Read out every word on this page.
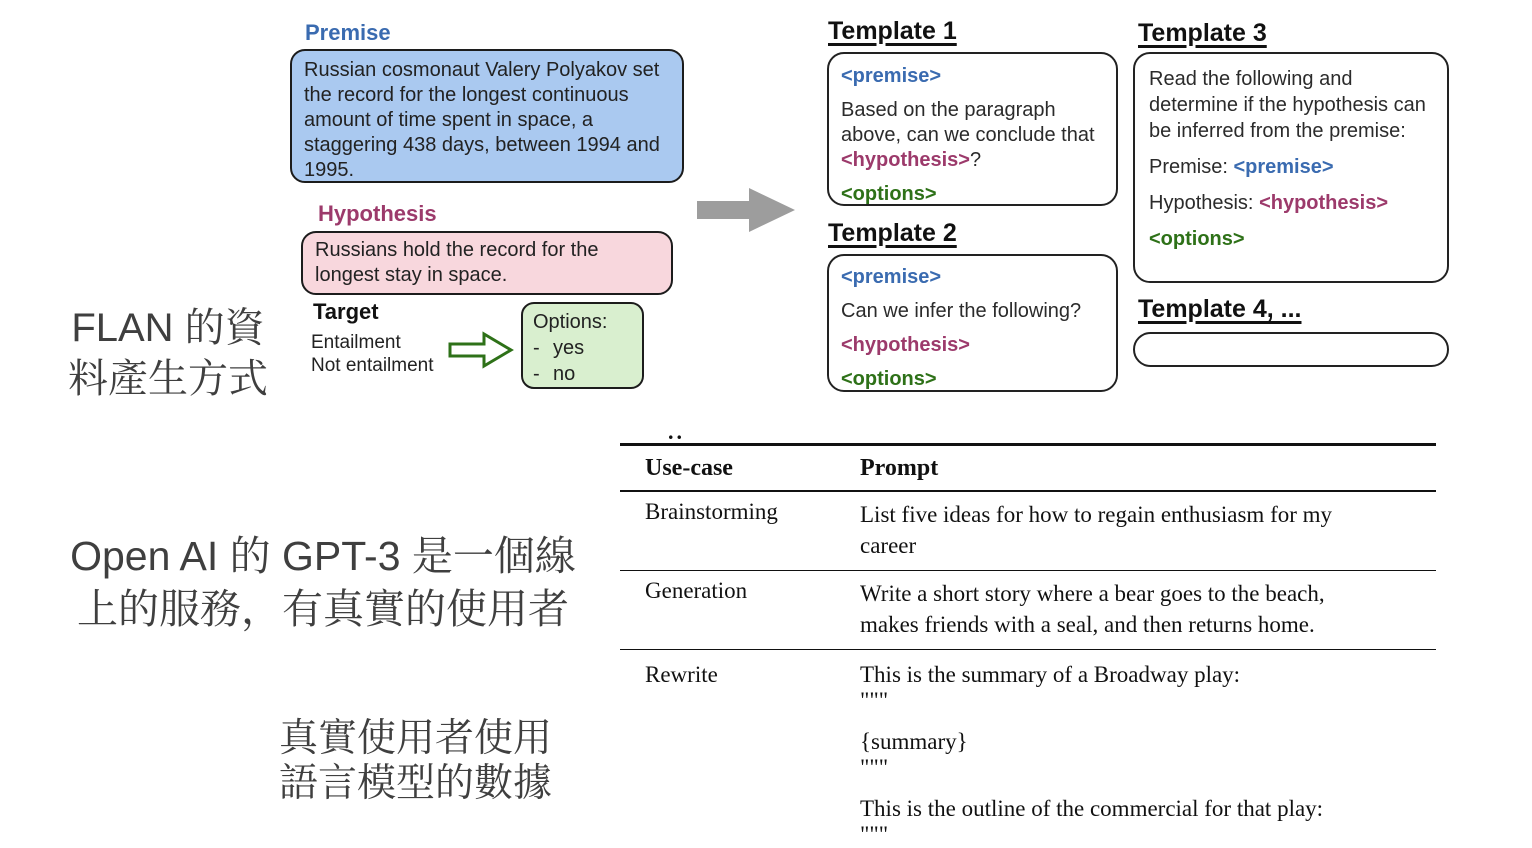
Premise
Russian cosmonaut Valery Polyakov set the record for the longest continuous amount of time spent in space, a staggering 438 days, between 1994 and 1995.
Hypothesis
Russians hold the record for the longest stay in space.
Target
Entailment
Not entailment
Options:
- yes
- no
Template 1

<premise>

Based on the paragraph above, can we conclude that <hypothesis>?

<options>

Template 2

<premise>

Can we infer the following?

<hypothesis>

<options>

Template 3

Read the following and determine if the hypothesis can be inferred from the premise:

Premise: <premise>

Hypothesis: <hypothesis>

<options>

Template 4, ...
FLAN 的資
料產生方式
Open AI 的 GPT-3 是一個線
上的服務，有真實的使用者
真實使用者使用
語言模型的數據
..
Use-case	Prompt
Brainstorming	List five ideas for how to regain enthusiasm for my
career
Generation	Write a short story where a bear goes to the beach,
makes friends with a seal, and then returns home.
Rewrite	This is the summary of a Broadway play:
"""
{summary}
"""
This is the outline of the commercial for that play:
"""
